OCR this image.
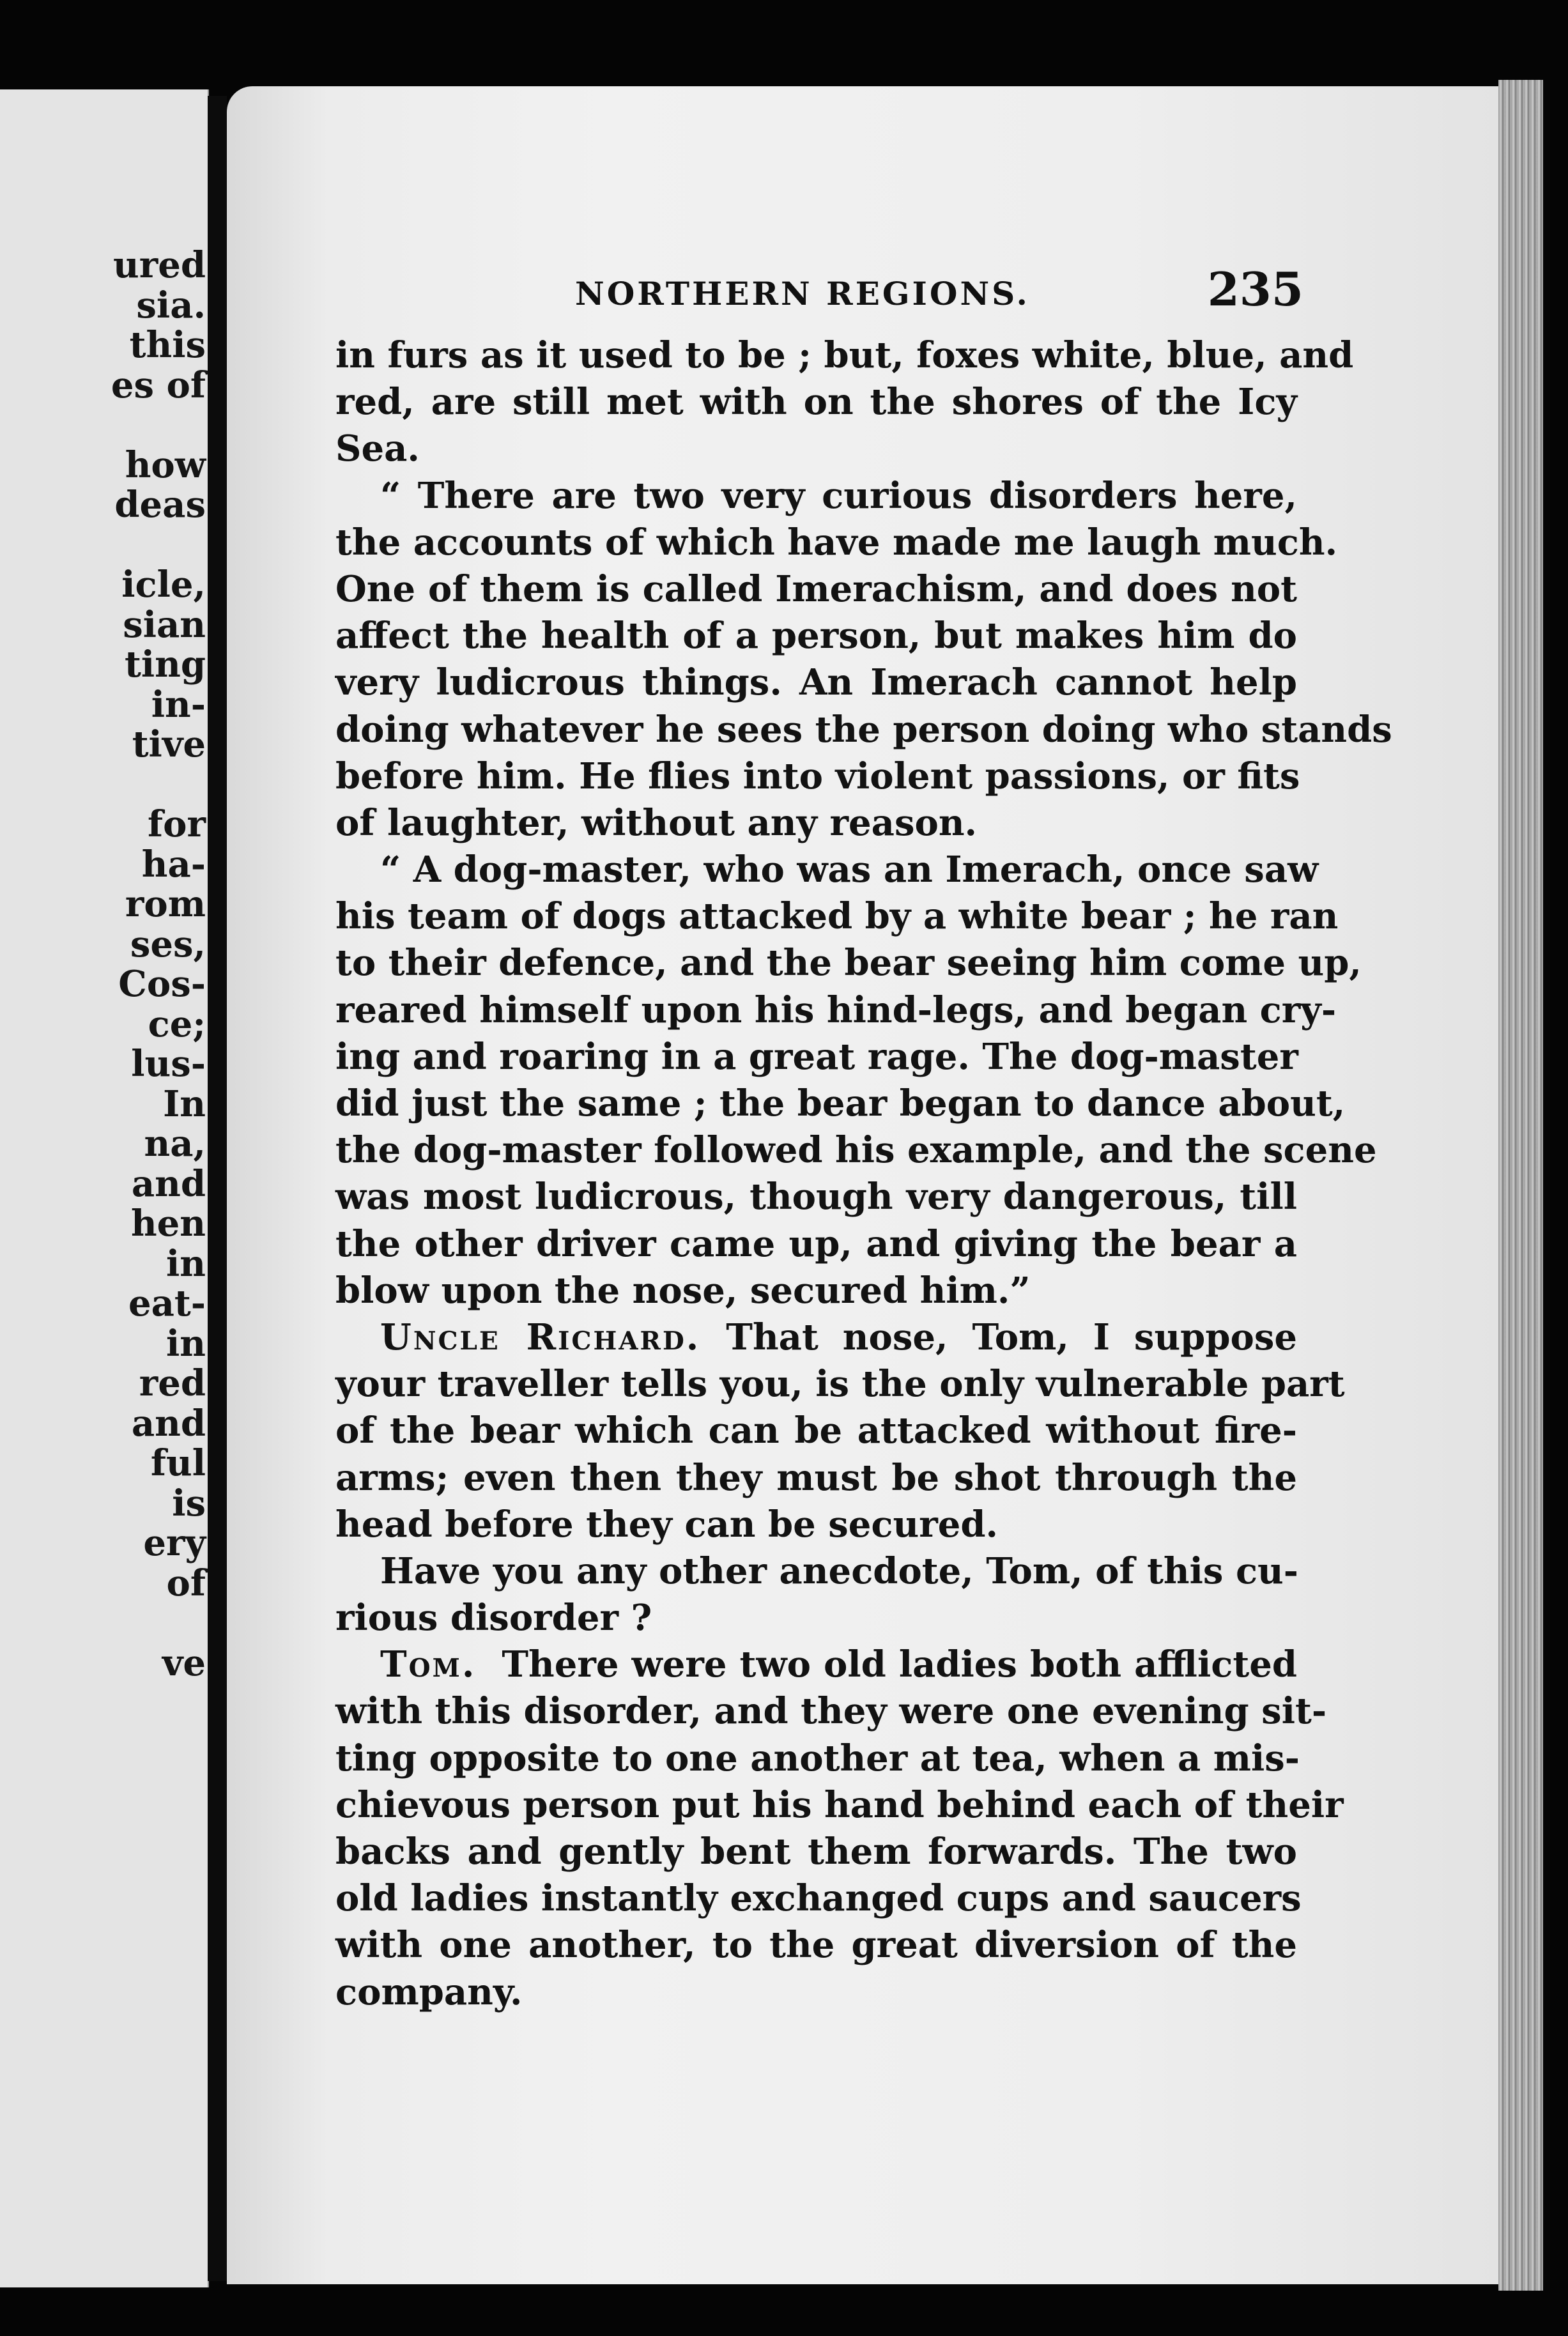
ured
sia.
this
es of
how
deas
icle,
sian
ting
in-
tive
for
ha-
rom
ses,
Cos-
ce;
lus-
In
na,
and
hen
in
eat-
in
red
and
ful
is
ery
of
ve
NORTHERN REGIONS.	235
in furs as it used to be ; but, foxes white, blue, and
red, are still met with on the shores of the Icy
Sea.
“ There are two very curious disorders here,
the accounts of which have made me laugh much.
One of them is called Imerachism, and does not
affect the health of a person, but makes him do
very ludicrous things. An Imerach cannot help
doing whatever he sees the person doing who stands
before him. He flies into violent passions, or fits
of laughter, without any reason.
“ A dog-master, who was an Imerach, once saw
his team of dogs attacked by a white bear ; he ran
to their defence, and the bear seeing him come up,
reared himself upon his hind-legs, and began cry-
ing and roaring in a great rage. The dog-master
did just the same ; the bear began to dance about,
the dog-master followed his example, and the scene
was most ludicrous, though very dangerous, till
the other driver came up, and giving the bear a
blow upon the nose, secured him.”
Uncle Richard. That nose, Tom, I suppose
your traveller tells you, is the only vulnerable part
of the bear which can be attacked without fire-
arms; even then they must be shot through the
head before they can be secured.
Have you any other anecdote, Tom, of this cu-
rious disorder ?
Tom. There were two old ladies both afflicted
with this disorder, and they were one evening sit-
ting opposite to one another at tea, when a mis-
chievous person put his hand behind each of their
backs and gently bent them forwards. The two
old ladies instantly exchanged cups and saucers
with one another, to the great diversion of the
company.
